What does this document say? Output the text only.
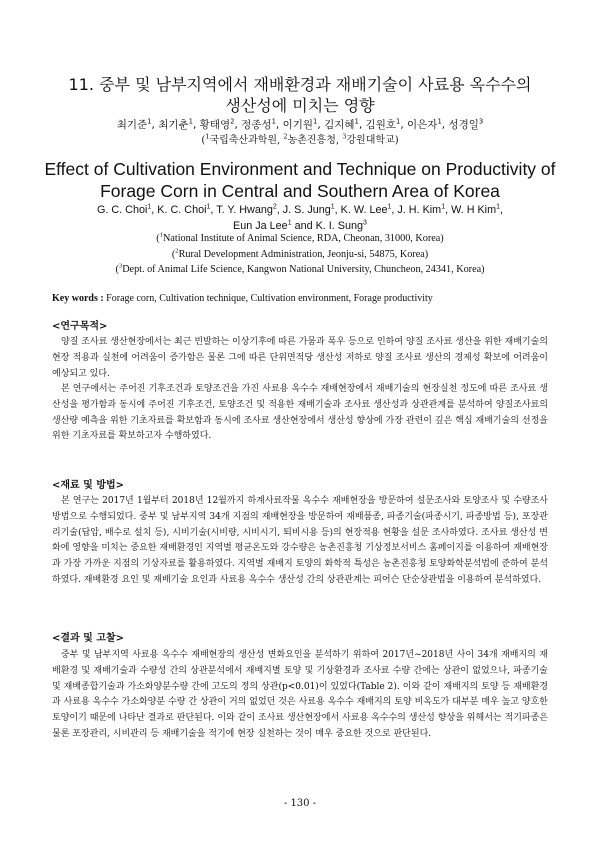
11. 중부 및 남부지역에서 재배환경과 재배기술이 사료용 옥수수의
생산성에 미치는 영향
최기준$^1$, 최기춘$^1$, 황태영$^2$, 정종성$^1$, 이기원$^1$, 김지혜$^1$, 김원호$^1$, 이은자$^1$, 성경일$^3$
($^1$국립축산과학원, $^2$농촌진흥청, $^3$강원대학교)
Effect of Cultivation Environment and Technique on Productivity of
Forage Corn in Central and Southern Area of Korea
G. C. Choi$^1$, K. C. Choi$^1$, T. Y. Hwang$^2$, J. S. Jung$^1$, K. W. Lee$^1$, J. H. Kim$^1$, W. H Kim$^1$,
Eun Ja Lee$^1$ and K. I. Sung$^3$
($^1$National Institute of Animal Science, RDA, Cheonan, 31000, Korea)
($^2$Rural Development Administration, Jeonju-si, 54875, Korea)
($^3$Dept. of Animal Life Science, Kangwon National University, Chuncheon, 24341, Korea)
Key words : Forage corn, Cultivation technique, Cultivation environment, Forage productivity
<연구목적>
양질 조사료 생산현장에서는 최근 빈발하는 이상기후에 따른 가뭄과 폭우 등으로 인하여 양질 조사료 생산을 위한 재배기술의 현장 적용과 실천에 어려움이 증가함은 물론 그에 따른 단위면적당 생산성 저하로 양질 조사료 생산의 경제성 확보에 어려움이 예상되고 있다.
본 연구에서는 주어진 기후조건과 토양조건을 가진 사료용 옥수수 재배현장에서 재배기술의 현장실천 정도에 따른 조사료 생산성을 평가함과 동시에 주어진 기후조건, 토양조건 및 적용한 재배기술과 조사료 생산성과 상관관계를 분석하여 양질조사료의 생산량 예측을 위한 기초자료를 확보함과 동시에 조사료 생산현장에서 생산성 향상에 가장 관련이 깊은 핵심 재배기술의 선정을 위한 기초자료를 확보하고자 수행하였다.
<재료 및 방법>
본 연구는 2017년 1월부터 2018년 12월까지 하계사료작물 옥수수 재배현장을 방문하여 설문조사와 토양조사 및 수량조사 방법으로 수행되었다. 중부 및 남부지역 34개 지점의 재배현장을 방문하여 재배품종, 파종기술(파종시기, 파종방법 등), 포장관리기술(답압, 배수로 설치 등), 시비기술(시비량, 시비시기, 퇴비시용 등)의 현장적용 현황을 설문 조사하였다. 조사료 생산성 변화에 영향을 미치는 중요한 재배환경인 지역별 평균온도와 강수량은 농촌진흥청 기상정보서비스 홈페이지를 이용하여 재배현장과 가장 가까운 지점의 기상자료를 활용하였다. 지역별 재배지 토양의 화학적 특성은 농촌진흥청 토양화학분석법에 준하여 분석하였다. 재배환경 요인 및 재배기술 요인과 사료용 옥수수 생산성 간의 상관관계는 피어슨 단순상관법을 이용하여 분석하였다.
<결과 및 고찰>
중부 및 남부지역 사료용 옥수수 재배현장의 생산성 변화요인을 분석하기 위하여 2017년~2018년 사이 34개 재배지의 재배환경 및 재배기술과 수량성 간의 상관분석에서 재배지별 토양 및 기상환경과 조사료 수량 간에는 상관이 없었으나, 파종기술 및 재배종합기술과 가소화양분수량 간에 고도의 정의 상관(p<0.01)이 있었다(Table 2). 이와 같이 재배지의 토양 등 재배환경과 사료용 옥수수 가소화양분 수량 간 상관이 거의 없었던 것은 사료용 옥수수 재배지의 토양 비옥도가 대부분 매우 높고 양호한 토양이기 때문에 나타난 결과로 판단된다. 이와 같이 조사료 생산현장에서 사료용 옥수수의 생산성 향상을 위해서는 적기파종은 물론 포장관리, 시비관리 등 재배기술을 적기에 현장 실천하는 것이 매우 중요한 것으로 판단된다.
- 130 -
